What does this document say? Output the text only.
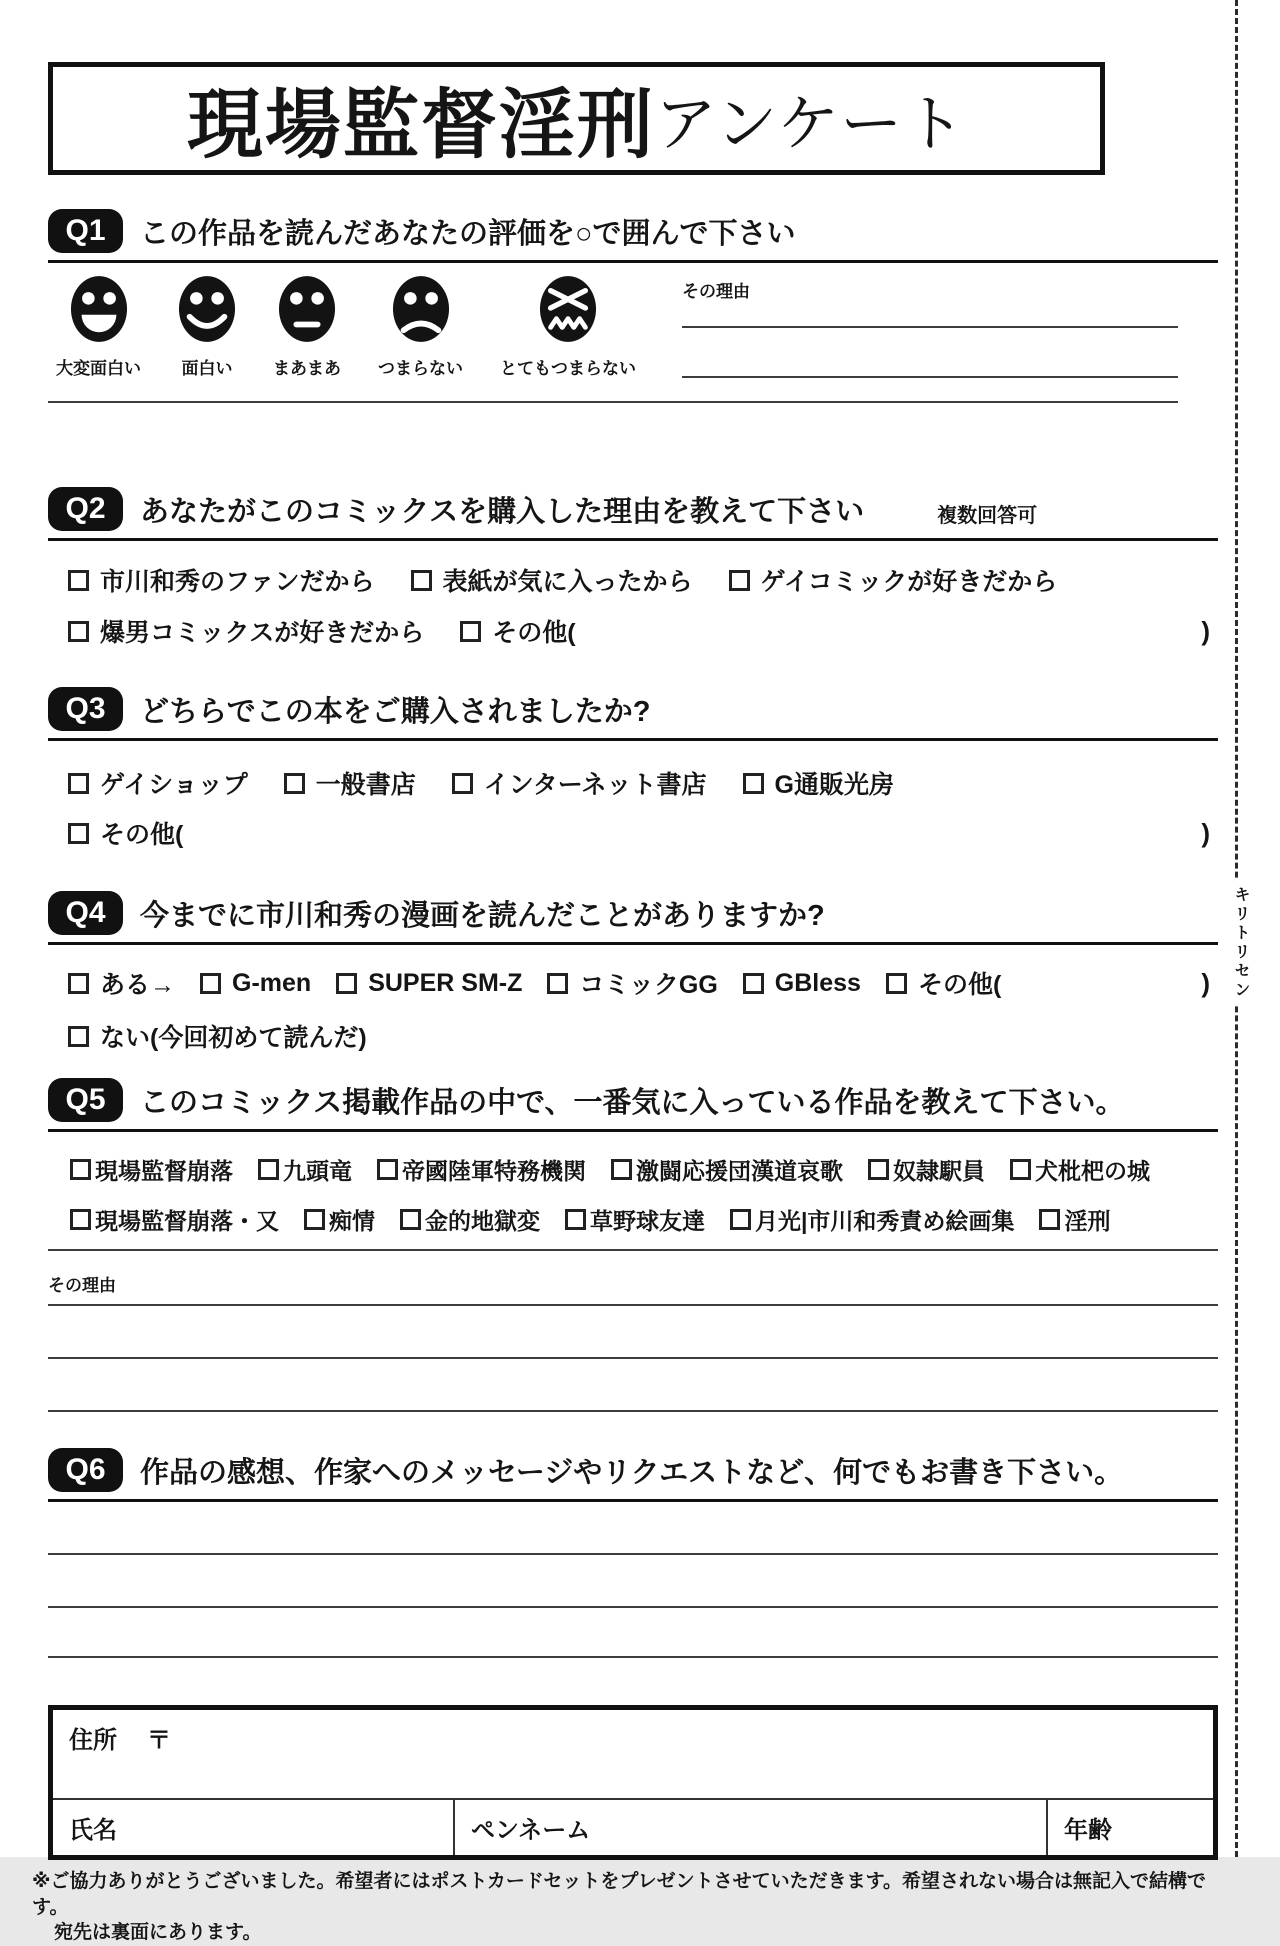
現場監督淫刑 アンケート
Q1	この作品を読んだあなたの評価を○で囲んで下さい
大変面白い 面白い まあまあ つまらない とてもつまらない
その理由
Q2	あなたがこのコミックスを購入した理由を教えて下さい	複数回答可
市川和秀のファンだから	表紙が気に入ったから	ゲイコミックが好きだから
爆男コミックスが好きだから	その他(	)
Q3	どちらでこの本をご購入されましたか?
ゲイショップ	一般書店	インターネット書店	G通販光房
その他(	)
Q4	今までに市川和秀の漫画を読んだことがありますか?
ある→ G-men SUPER SM-Z コミックGG GBless その他(	)
ない(今回初めて読んだ)
Q5	このコミックス掲載作品の中で、一番気に入っている作品を教えて下さい。
現場監督崩落 九頭竜 帝國陸軍特務機関 激闘応援団漢道哀歌 奴隷駅員 犬枇杷の城
現場監督崩落・又 痴情 金的地獄変 草野球友達 月光|市川和秀責め絵画集 淫刑
その理由
Q6	作品の感想、作家へのメッセージやリクエストなど、何でもお書き下さい。
住所 〒
氏名	ペンネーム	年齢
※ご協力ありがとうございました。希望者にはポストカードセットをプレゼントさせていただきます。希望されない場合は無記入で結構です。
宛先は裏面にあります。
キリトリセン
